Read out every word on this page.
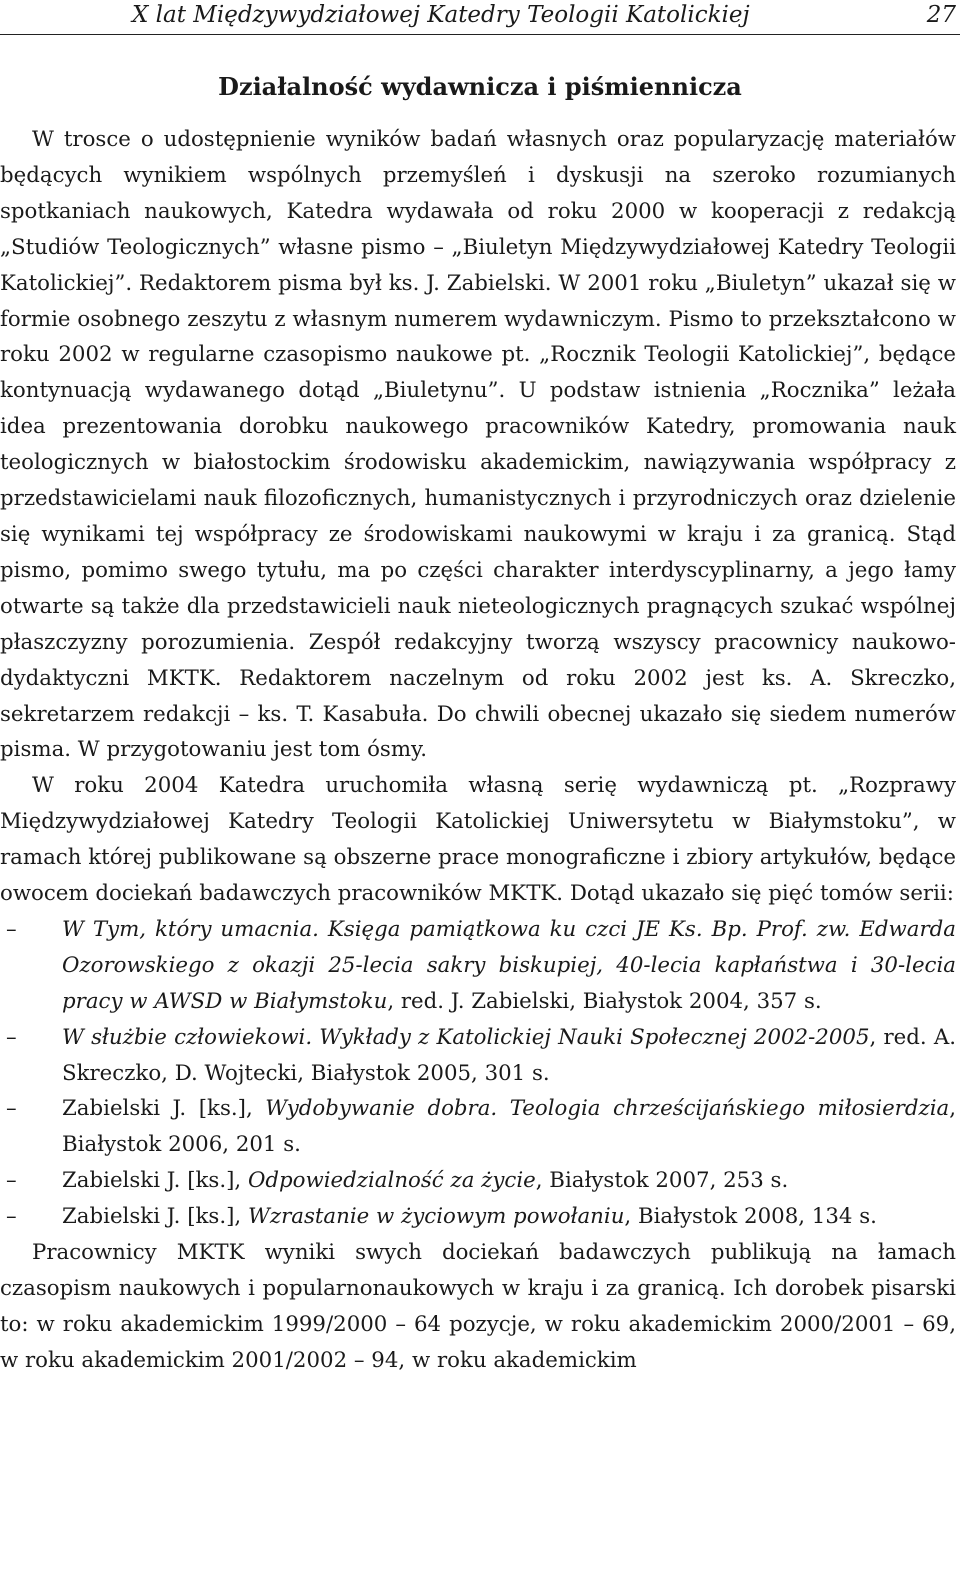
X lat Międzywydziałowej Katedry Teologii Katolickiej	27
Działalność wydawnicza i piśmiennicza

W trosce o udostępnienie wyników badań własnych oraz popularyzację materiałów będących wynikiem wspólnych przemyśleń i dyskusji na szeroko rozumianych spotkaniach naukowych, Katedra wydawała od roku 2000 w kooperacji z redakcją „Studiów Teologicznych” własne pismo – „Biuletyn Międzywydziałowej Katedry Teologii Katolickiej”. Redaktorem pisma był ks. J. Zabielski. W 2001 roku „Biuletyn” ukazał się w formie osobnego zeszytu z własnym numerem wydawniczym. Pismo to przekształcono w roku 2002 w regularne czasopismo naukowe pt. „Rocznik Teologii Katolickiej”, będące kontynuacją wydawanego dotąd „Biuletynu”. U podstaw istnienia „Rocznika” leżała idea prezentowania dorobku naukowego pracowników Katedry, promowania nauk teologicznych w białostockim środowisku akademickim, nawiązywania współpracy z przedstawicielami nauk filozoficznych, humanistycznych i przyrodniczych oraz dzielenie się wynikami tej współpracy ze środowiskami naukowymi w kraju i za granicą. Stąd pismo, pomimo swego tytułu, ma po części charakter interdyscyplinarny, a jego łamy otwarte są także dla przedstawicieli nauk nieteologicznych pragnących szukać wspólnej płaszczyzny porozumienia. Zespół redakcyjny tworzą wszyscy pracownicy naukowo-dydaktyczni MKTK. Redaktorem naczelnym od roku 2002 jest ks. A. Skreczko, sekretarzem redakcji – ks. T. Kasabuła. Do chwili obecnej ukazało się siedem numerów pisma. W przygotowaniu jest tom ósmy.

W roku 2004 Katedra uruchomiła własną serię wydawniczą pt. „Rozprawy Międzywydziałowej Katedry Teologii Katolickiej Uniwersytetu w Białymstoku”, w ramach której publikowane są obszerne prace monograficzne i zbiory artykułów, będące owocem dociekań badawczych pracowników MKTK. Dotąd ukazało się pięć tomów serii:

– W Tym, który umacnia. Księga pamiątkowa ku czci JE Ks. Bp. Prof. zw. Edwarda Ozorowskiego z okazji 25-lecia sakry biskupiej, 40-lecia kapłaństwa i 30-lecia pracy w AWSD w Białymstoku, red. J. Zabielski, Białystok 2004, 357 s.
– W służbie człowiekowi. Wykłady z Katolickiej Nauki Społecznej 2002-2005, red. A. Skreczko, D. Wojtecki, Białystok 2005, 301 s.
– Zabielski J. [ks.], Wydobywanie dobra. Teologia chrześcijańskiego miłosierdzia, Białystok 2006, 201 s.
– Zabielski J. [ks.], Odpowiedzialność za życie, Białystok 2007, 253 s.
– Zabielski J. [ks.], Wzrastanie w życiowym powołaniu, Białystok 2008, 134 s.

Pracownicy MKTK wyniki swych dociekań badawczych publikują na łamach czasopism naukowych i popularnonaukowych w kraju i za granicą. Ich dorobek pisarski to: w roku akademickim 1999/2000 – 64 pozycje, w roku akademickim 2000/2001 – 69, w roku akademickim 2001/2002 – 94, w roku akademickim
